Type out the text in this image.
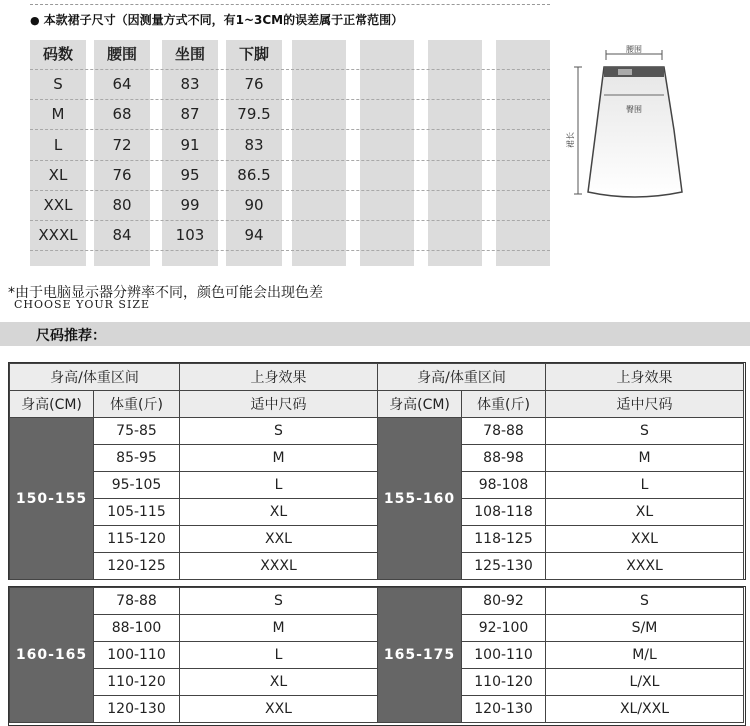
● 本款裙子尺寸（因测量方式不同，有1~3CM的误差属于正常范围）
码数	腰围	坐围	下脚
S	64	83	76
M	68	87	79.5
L	72	91	83
XL	76	95	86.5
XXL	80	99	90
XXXL	84	103	94
腰围
臀围
裙长
*由于电脑显示器分辨率不同，颜色可能会出现色差
CHOOSE YOUR SIZE
尺码推荐：
身高/体重区间		上身效果	身高/体重区间		上身效果
身高(CM)	体重(斤)	适中尺码	身高(CM)	体重(斤)	适中尺码
150-155	75-85	S	155-160	78-88	S
	85-95	M		88-98	M
	95-105	L		98-108	L
	105-115	XL		108-118	XL
	115-120	XXL		118-125	XXL
	120-125	XXXL		125-130	XXXL
160-165	78-88	S	165-175	80-92	S
	88-100	M		92-100	S/M
	100-110	L		100-110	M/L
	110-120	XL		110-120	L/XL
	120-130	XXL		120-130	XL/XXL
